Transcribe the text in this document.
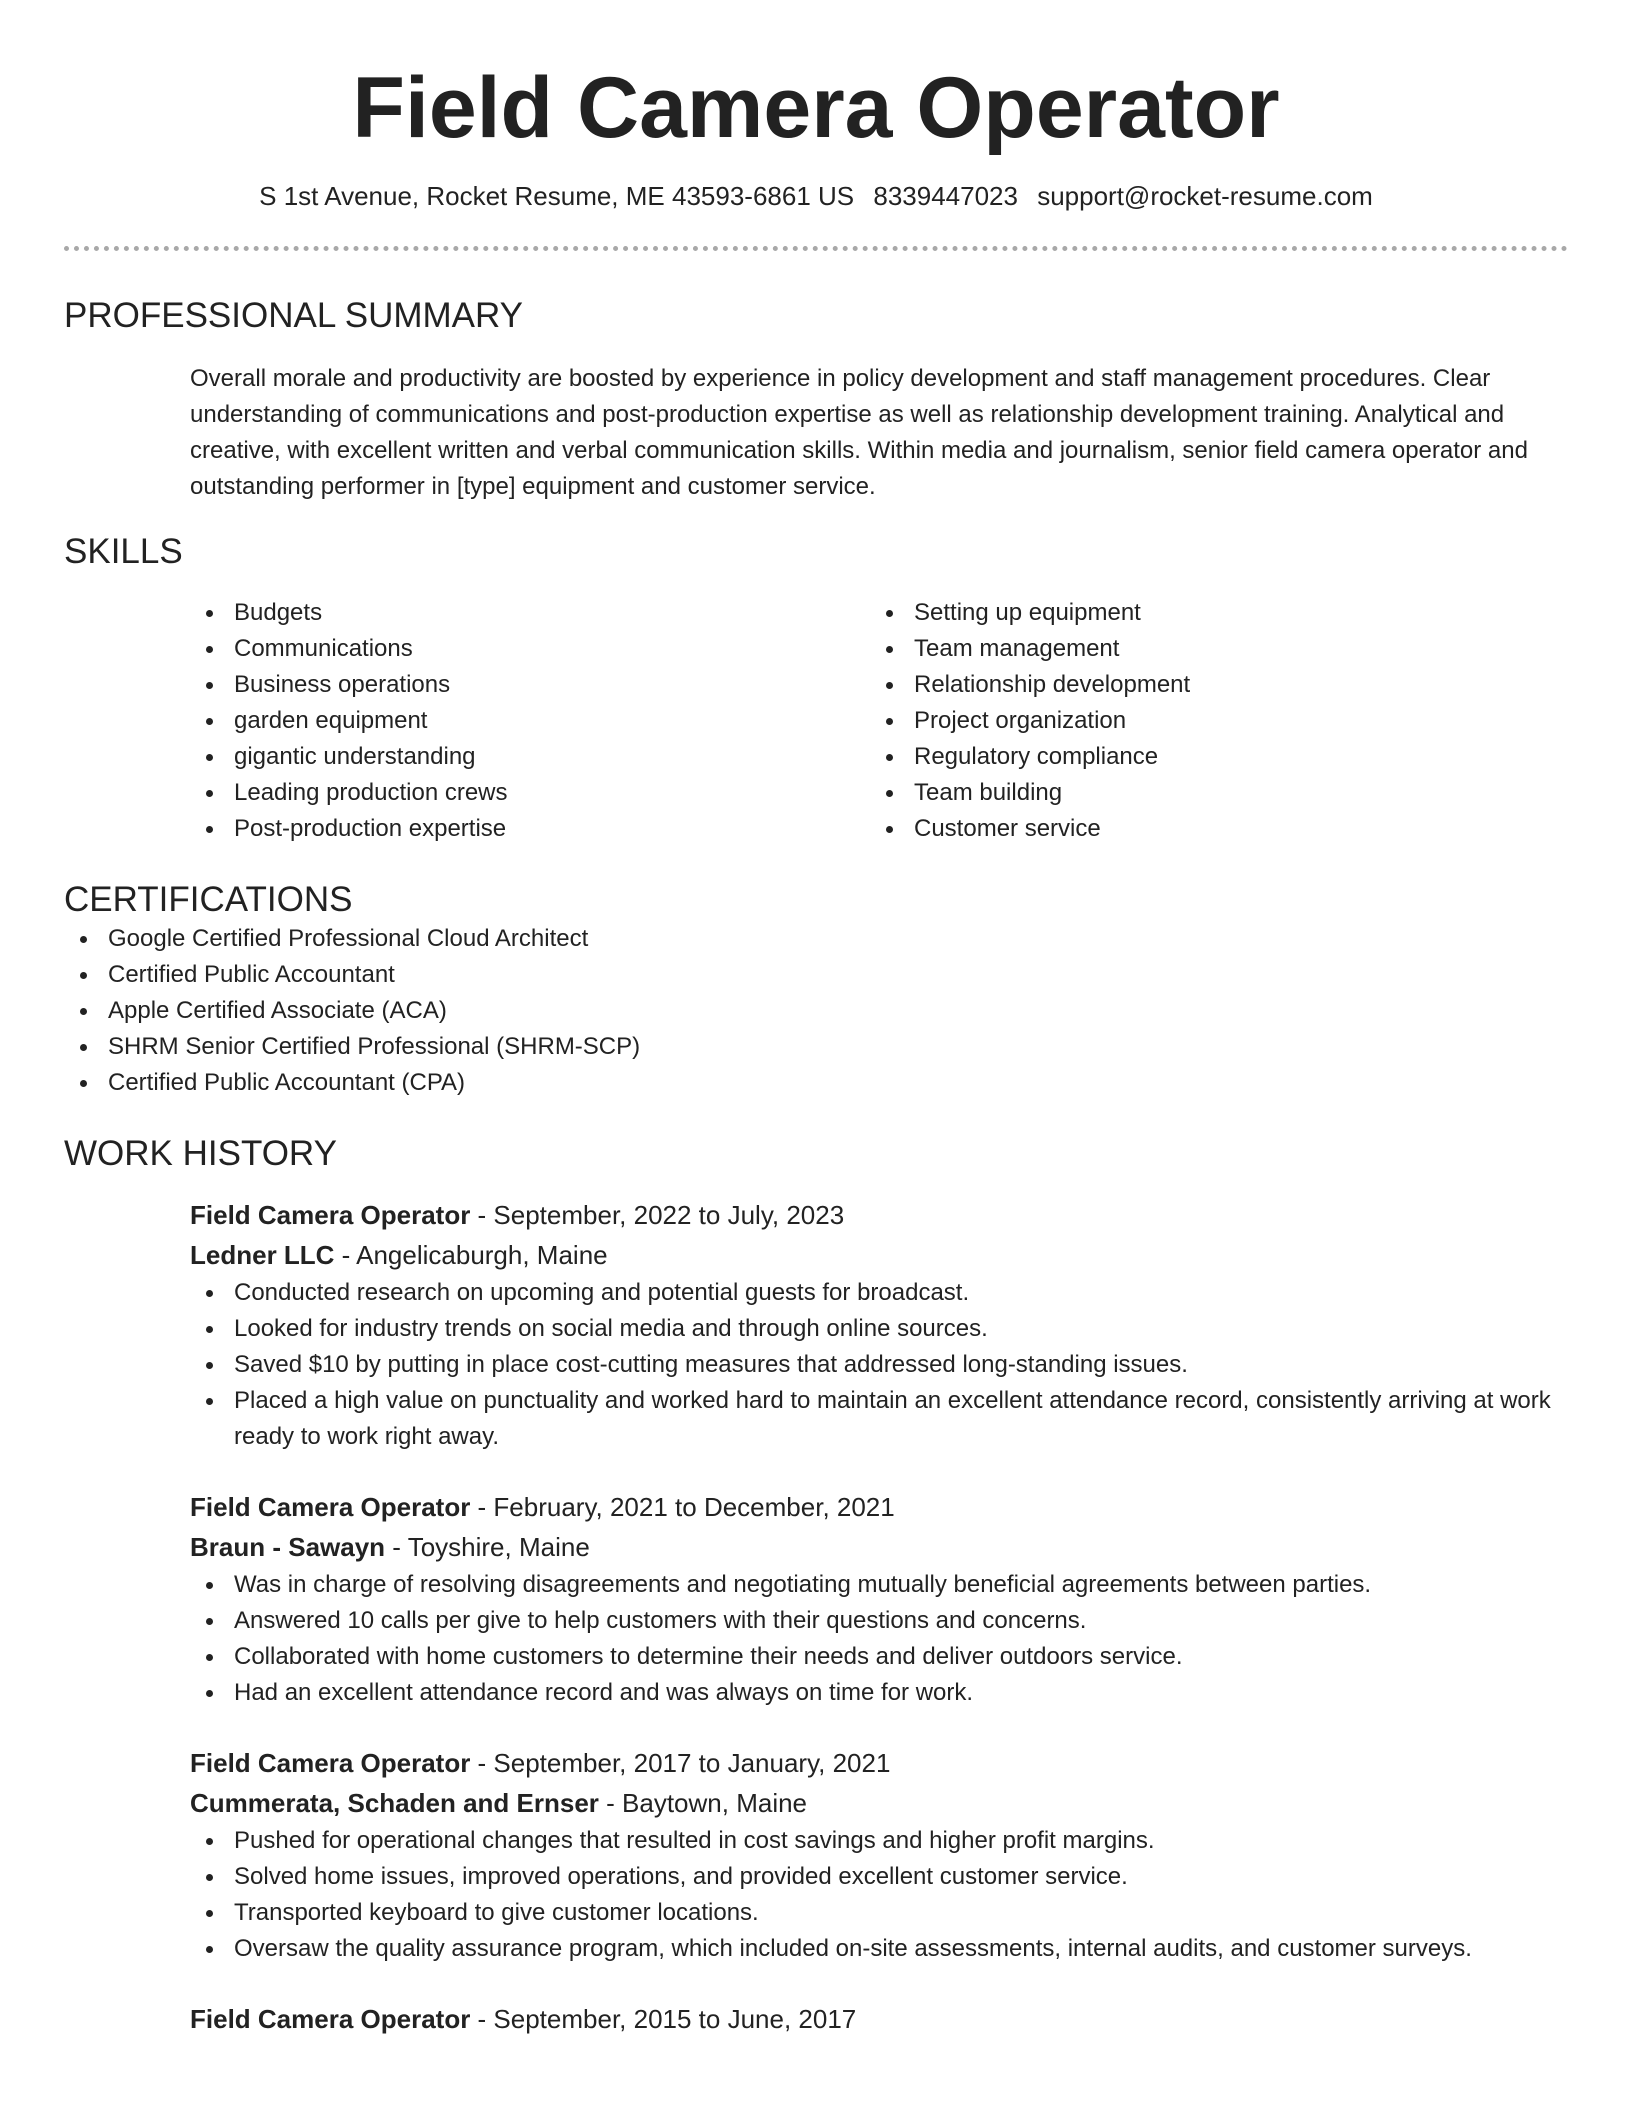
Field Camera Operator
S 1st Avenue, Rocket Resume, ME 43593-6861 US 8339447023 support@rocket-resume.com
PROFESSIONAL SUMMARY

Overall morale and productivity are boosted by experience in policy development and staff management procedures. Clear understanding of communications and post-production expertise as well as relationship development training. Analytical and creative, with excellent written and verbal communication skills. Within media and journalism, senior field camera operator and outstanding performer in [type] equipment and customer service.

SKILLS
Budgets
Communications
Business operations
garden equipment
gigantic understanding
Leading production crews
Post-production expertise
Setting up equipment
Team management
Relationship development
Project organization
Regulatory compliance
Team building
Customer service
CERTIFICATIONS
Google Certified Professional Cloud Architect
Certified Public Accountant
Apple Certified Associate (ACA)
SHRM Senior Certified Professional (SHRM-SCP)
Certified Public Accountant (CPA)
WORK HISTORY
Field Camera Operator - September, 2022 to July, 2023
Ledner LLC - Angelicaburgh, Maine
Conducted research on upcoming and potential guests for broadcast.
Looked for industry trends on social media and through online sources.
Saved $10 by putting in place cost-cutting measures that addressed long-standing issues.
Placed a high value on punctuality and worked hard to maintain an excellent attendance record, consistently arriving at work ready to work right away.
Field Camera Operator - February, 2021 to December, 2021
Braun - Sawayn - Toyshire, Maine
Was in charge of resolving disagreements and negotiating mutually beneficial agreements between parties.
Answered 10 calls per give to help customers with their questions and concerns.
Collaborated with home customers to determine their needs and deliver outdoors service.
Had an excellent attendance record and was always on time for work.
Field Camera Operator - September, 2017 to January, 2021
Cummerata, Schaden and Ernser - Baytown, Maine
Pushed for operational changes that resulted in cost savings and higher profit margins.
Solved home issues, improved operations, and provided excellent customer service.
Transported keyboard to give customer locations.
Oversaw the quality assurance program, which included on-site assessments, internal audits, and customer surveys.
Field Camera Operator - September, 2015 to June, 2017
